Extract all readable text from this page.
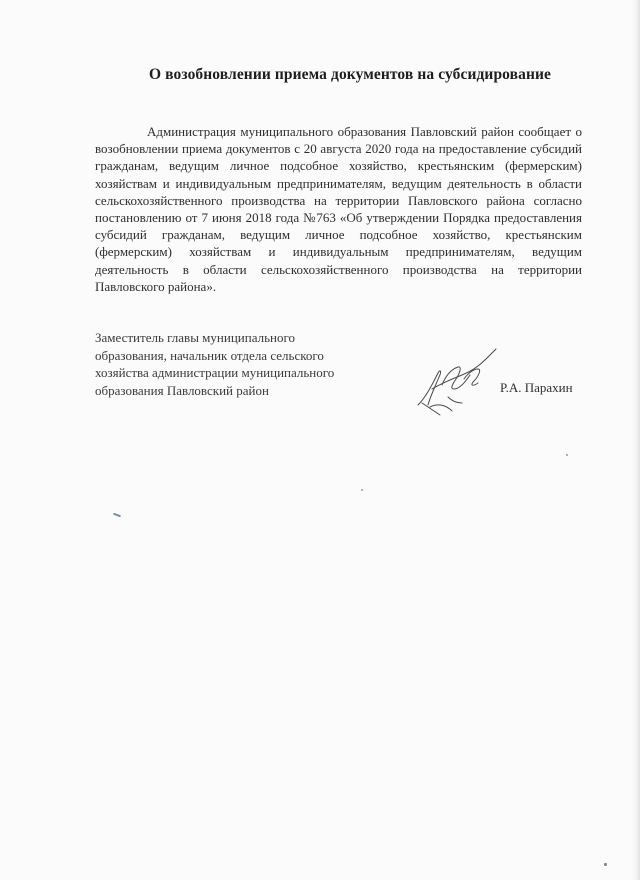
О возобновлении приема документов на субсидирование

Администрация муниципального образования Павловский район сообщает о возобновлении приема документов с 20 августа 2020 года на предоставление субсидий гражданам, ведущим личное подсобное хозяйство, крестьянским (фермерским) хозяйствам и индивидуальным предпринимателям, ведущим деятельность в области сельскохозяйственного производства на территории Павловского района согласно постановлению от 7 июня 2018 года №763 «Об утверждении Порядка предоставления субсидий гражданам, ведущим личное подсобное хозяйство, крестьянским (фермерским) хозяйствам и индивидуальным предпринимателям, ведущим деятельность в области сельскохозяйственного производства на территории Павловского района».

Заместитель главы муниципального
образования, начальник отдела сельского
хозяйства администрации муниципального
образования Павловский район	Р.А. Парахин
